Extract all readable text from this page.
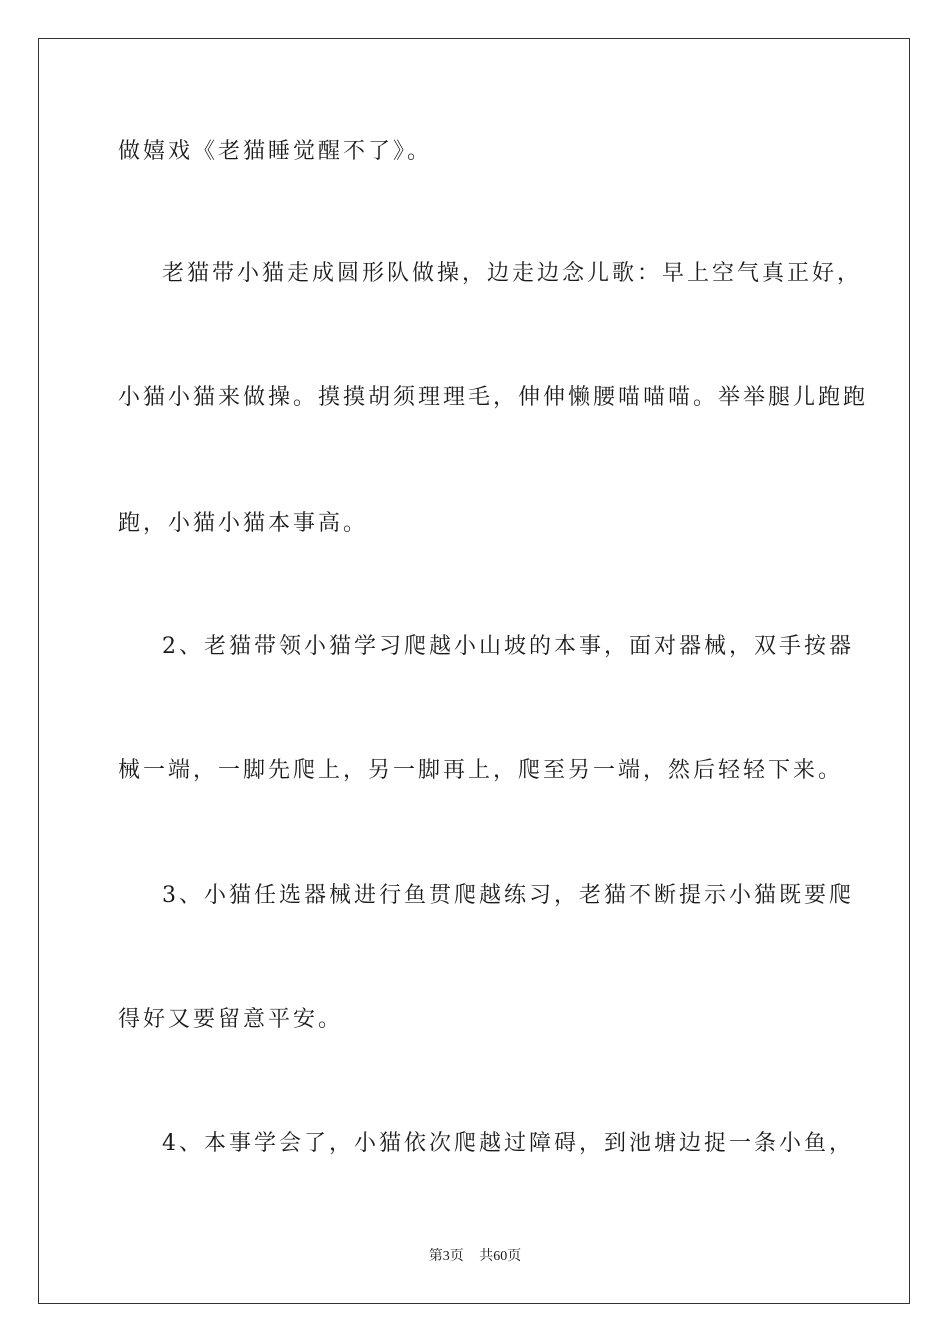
做嬉戏《老猫睡觉醒不了》。
老猫带小猫走成圆形队做操，边走边念儿歌：早上空气真正好，
小猫小猫来做操。摸摸胡须理理毛，伸伸懒腰喵喵喵。举举腿儿跑跑
跑，小猫小猫本事高。
2、老猫带领小猫学习爬越小山坡的本事，面对器械，双手按器
械一端，一脚先爬上，另一脚再上，爬至另一端，然后轻轻下来。
3、小猫任选器械进行鱼贯爬越练习，老猫不断提示小猫既要爬
得好又要留意平安。
4、本事学会了，小猫依次爬越过障碍，到池塘边捉一条小鱼，
第3页 共60页
